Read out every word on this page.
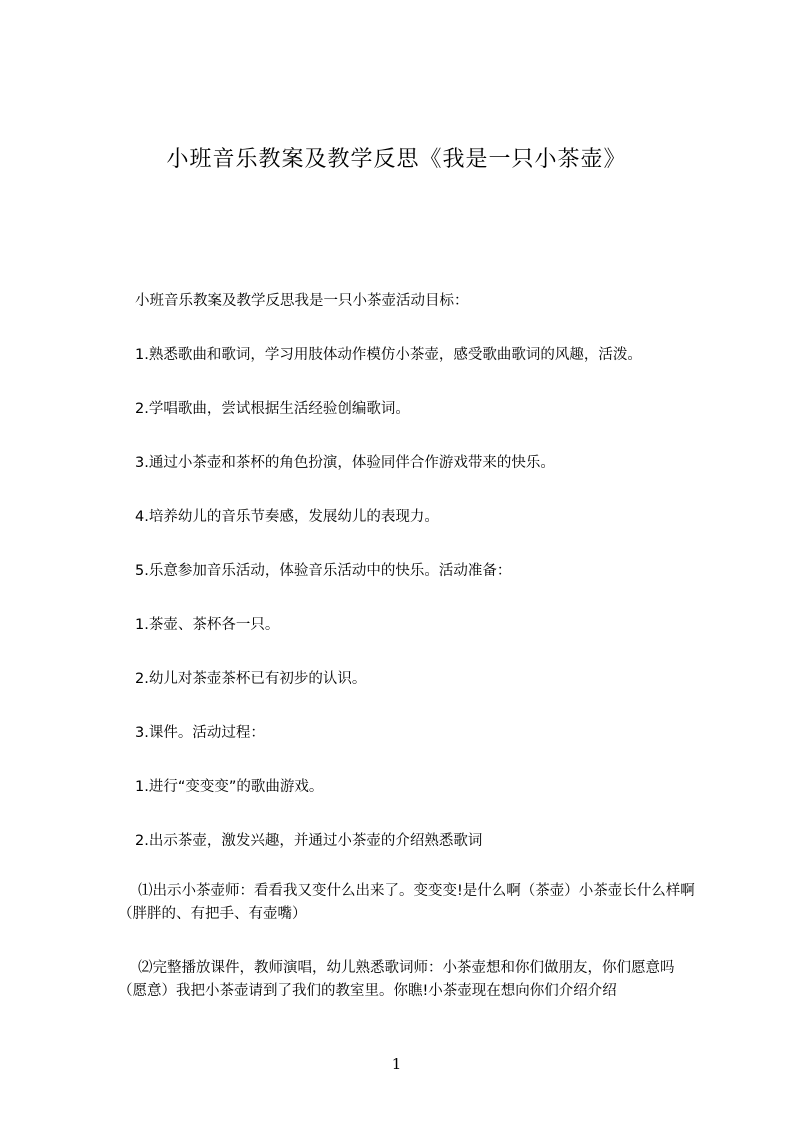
小班音乐教案及教学反思《我是一只小茶壶》
小班音乐教案及教学反思我是一只小茶壶活动目标：
1.熟悉歌曲和歌词，学习用肢体动作模仿小茶壶，感受歌曲歌词的风趣，活泼。
2.学唱歌曲，尝试根据生活经验创编歌词。
3.通过小茶壶和茶杯的角色扮演，体验同伴合作游戏带来的快乐。
4.培养幼儿的音乐节奏感，发展幼儿的表现力。
5.乐意参加音乐活动，体验音乐活动中的快乐。活动准备：
1.茶壶、茶杯各一只。
2.幼儿对茶壶茶杯已有初步的认识。
3.课件。活动过程：
1.进行“变变变”的歌曲游戏。
2.出示茶壶，激发兴趣，并通过小茶壶的介绍熟悉歌词
⑴出示小茶壶师：看看我又变什么出来了。变变变!是什么啊（茶壶）小茶壶长什么样啊（胖胖的、有把手、有壶嘴）
⑵完整播放课件，教师演唱，幼儿熟悉歌词师：小茶壶想和你们做朋友，你们愿意吗（愿意）我把小茶壶请到了我们的教室里。你瞧!小茶壶现在想向你们介绍介绍
1
